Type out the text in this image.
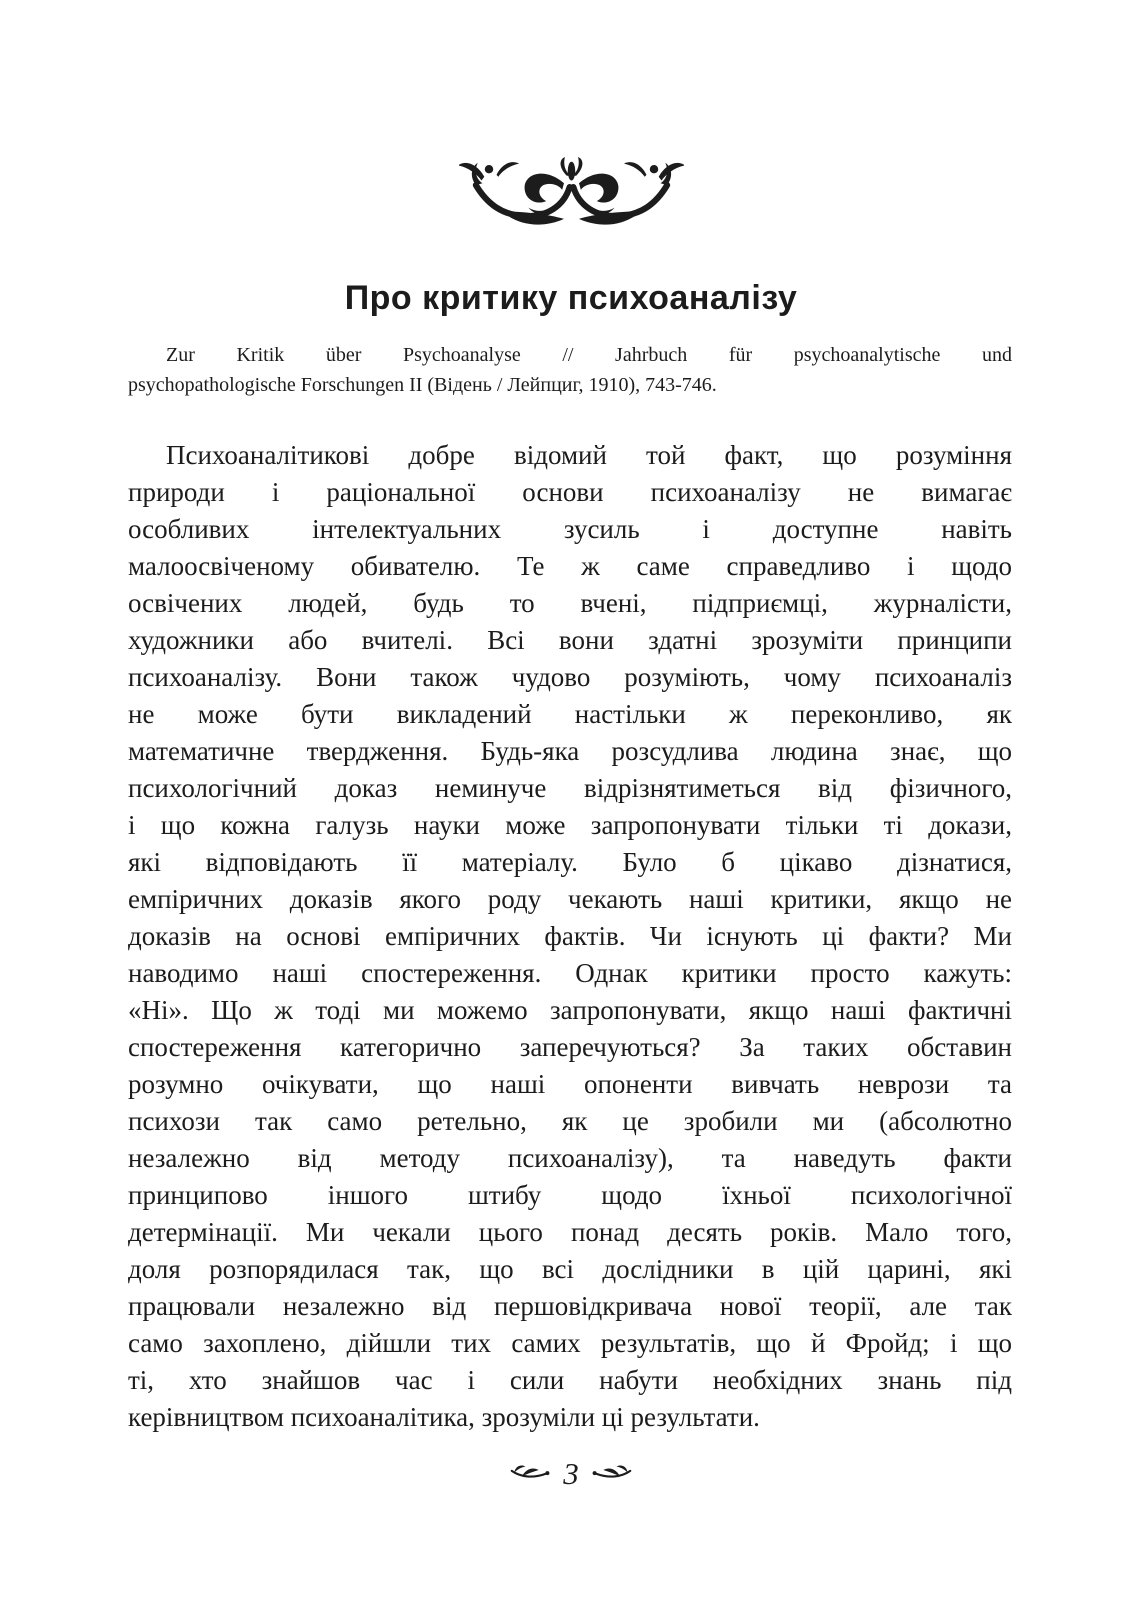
Про критику психоаналізу
Zur Kritik über Psychoanalyse // Jahrbuch für psychoanalytische und
psychopathologische Forschungen II (Відень / Лейпциг, 1910), 743-746.
Психоаналітикові добре відомий той факт, що розуміння
природи і раціональної основи психоаналізу не вимагає
особливих інтелектуальних зусиль і доступне навіть
малоосвіченому обивателю. Те ж саме справедливо і щодо
освічених людей, будь то вчені, підприємці, журналісти,
художники або вчителі. Всі вони здатні зрозуміти принципи
психоаналізу. Вони також чудово розуміють, чому психоаналіз
не може бути викладений настільки ж переконливо, як
математичне твердження. Будь-яка розсудлива людина знає, що
психологічний доказ неминуче відрізнятиметься від фізичного,
і що кожна галузь науки може запропонувати тільки ті докази,
які відповідають її матеріалу. Було б цікаво дізнатися,
емпіричних доказів якого роду чекають наші критики, якщо не
доказів на основі емпіричних фактів. Чи існують ці факти? Ми
наводимо наші спостереження. Однак критики просто кажуть:
«Ні». Що ж тоді ми можемо запропонувати, якщо наші фактичні
спостереження категорично заперечуються? За таких обставин
розумно очікувати, що наші опоненти вивчать неврози та
психози так само ретельно, як це зробили ми (абсолютно
незалежно від методу психоаналізу), та наведуть факти
принципово іншого штибу щодо їхньої психологічної
детермінації. Ми чекали цього понад десять років. Мало того,
доля розпорядилася так, що всі дослідники в цій царині, які
працювали незалежно від першовідкривача нової теорії, але так
само захоплено, дійшли тих самих результатів, що й Фройд; і що
ті, хто знайшов час і сили набути необхідних знань під
керівництвом психоаналітика, зрозуміли ці результати.
3
